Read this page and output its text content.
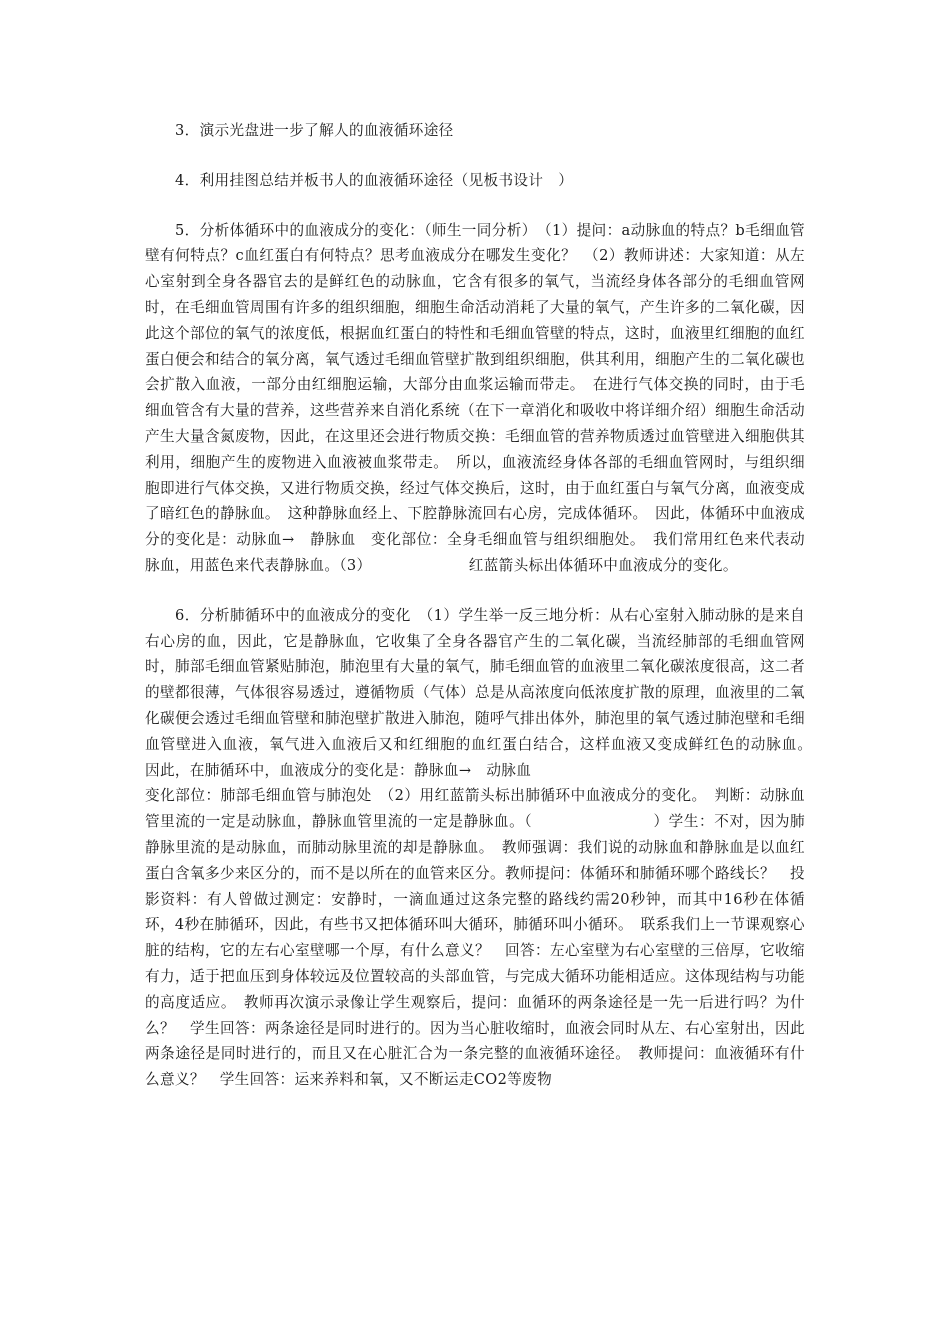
3．演示光盘进一步了解人的血液循环途径

4．利用挂图总结并板书人的血液循环途径（见板书设计　）

5．分析体循环中的血液成分的变化：（师生一同分析）　（1）提问：a动脉血的特点？b毛细血管壁有何特点？c血红蛋白有何特点？思考血液成分在哪发生变化？　（2）教师讲述：大家知道：从左心室射到全身各器官去的是鲜红色的动脉血，它含有很多的氧气，当流经身体各部分的毛细血管网时，在毛细血管周围有许多的组织细胞，细胞生命活动消耗了大量的氧气，产生许多的二氧化碳，因此这个部位的氧气的浓度低，根据血红蛋白的特性和毛细血管壁的特点，这时，血液里红细胞的血红蛋白便会和结合的氧分离，氧气透过毛细血管壁扩散到组织细胞，供其利用，细胞产生的二氧化碳也会扩散入血液，一部分由红细胞运输，大部分由血浆运输而带走。　在进行气体交换的同时，由于毛细血管含有大量的营养，这些营养来自消化系统（在下一章消化和吸收中将详细介绍）细胞生命活动产生大量含氮废物，因此，在这里还会进行物质交换：毛细血管的营养物质透过血管壁进入细胞供其利用，细胞产生的废物进入血液被血浆带走。　所以，血液流经身体各部的毛细血管网时，与组织细胞即进行气体交换，又进行物质交换，经过气体交换后，这时，由于血红蛋白与氧气分离，血液变成了暗红色的静脉血。　这种静脉血经上、下腔静脉流回右心房，完成体循环。　因此，体循环中血液成分的变化是：动脉血→　静脉血　变化部位：全身毛细血管与组织细胞处。　我们常用红色来代表动脉血，用蓝色来代表静脉血。（3）　　　　　　　红蓝箭头标出体循环中血液成分的变化。

6．分析肺循环中的血液成分的变化　（1）学生举一反三地分析：从右心室射入肺动脉的是来自右心房的血，因此，它是静脉血，它收集了全身各器官产生的二氧化碳，当流经肺部的毛细血管网时，肺部毛细血管紧贴肺泡，肺泡里有大量的氧气，肺毛细血管的血液里二氧化碳浓度很高，这二者的壁都很薄，气体很容易透过，遵循物质（气体）总是从高浓度向低浓度扩散的原理，血液里的二氧化碳便会透过毛细血管壁和肺泡壁扩散进入肺泡，随呼气排出体外，肺泡里的氧气透过肺泡壁和毛细血管壁进入血液，氧气进入血液后又和红细胞的血红蛋白结合，这样血液又变成鲜红色的动脉血。　因此，在肺循环中，血液成分的变化是：静脉血→　动脉血

变化部位：肺部毛细血管与肺泡处　（2）用红蓝箭头标出肺循环中血液成分的变化。　判断：动脉血管里流的一定是动脉血，静脉血管里流的一定是静脉血。（　　　　　　　　）学生：不对，因为肺静脉里流的是动脉血，而肺动脉里流的却是静脉血。　教师强调：我们说的动脉血和静脉血是以血红蛋白含氧多少来区分的，而不是以所在的血管来区分。教师提问：体循环和肺循环哪个路线长？　投影资料：有人曾做过测定：安静时，一滴血通过这条完整的路线约需20秒钟，而其中16秒在体循环，4秒在肺循环，因此，有些书又把体循环叫大循环，肺循环叫小循环。　联系我们上一节课观察心脏的结构，它的左右心室壁哪一个厚，有什么意义？　回答：左心室壁为右心室壁的三倍厚，它收缩有力，适于把血压到身体较远及位置较高的头部血管，与完成大循环功能相适应。这体现结构与功能的高度适应。　教师再次演示录像让学生观察后，提问：血循环的两条途径是一先一后进行吗？为什么？　学生回答：两条途径是同时进行的。因为当心脏收缩时，血液会同时从左、右心室射出，因此两条途径是同时进行的，而且又在心脏汇合为一条完整的血液循环途径。　教师提问：血液循环有什么意义？　学生回答：运来养料和氧，又不断运走CO2等废物
